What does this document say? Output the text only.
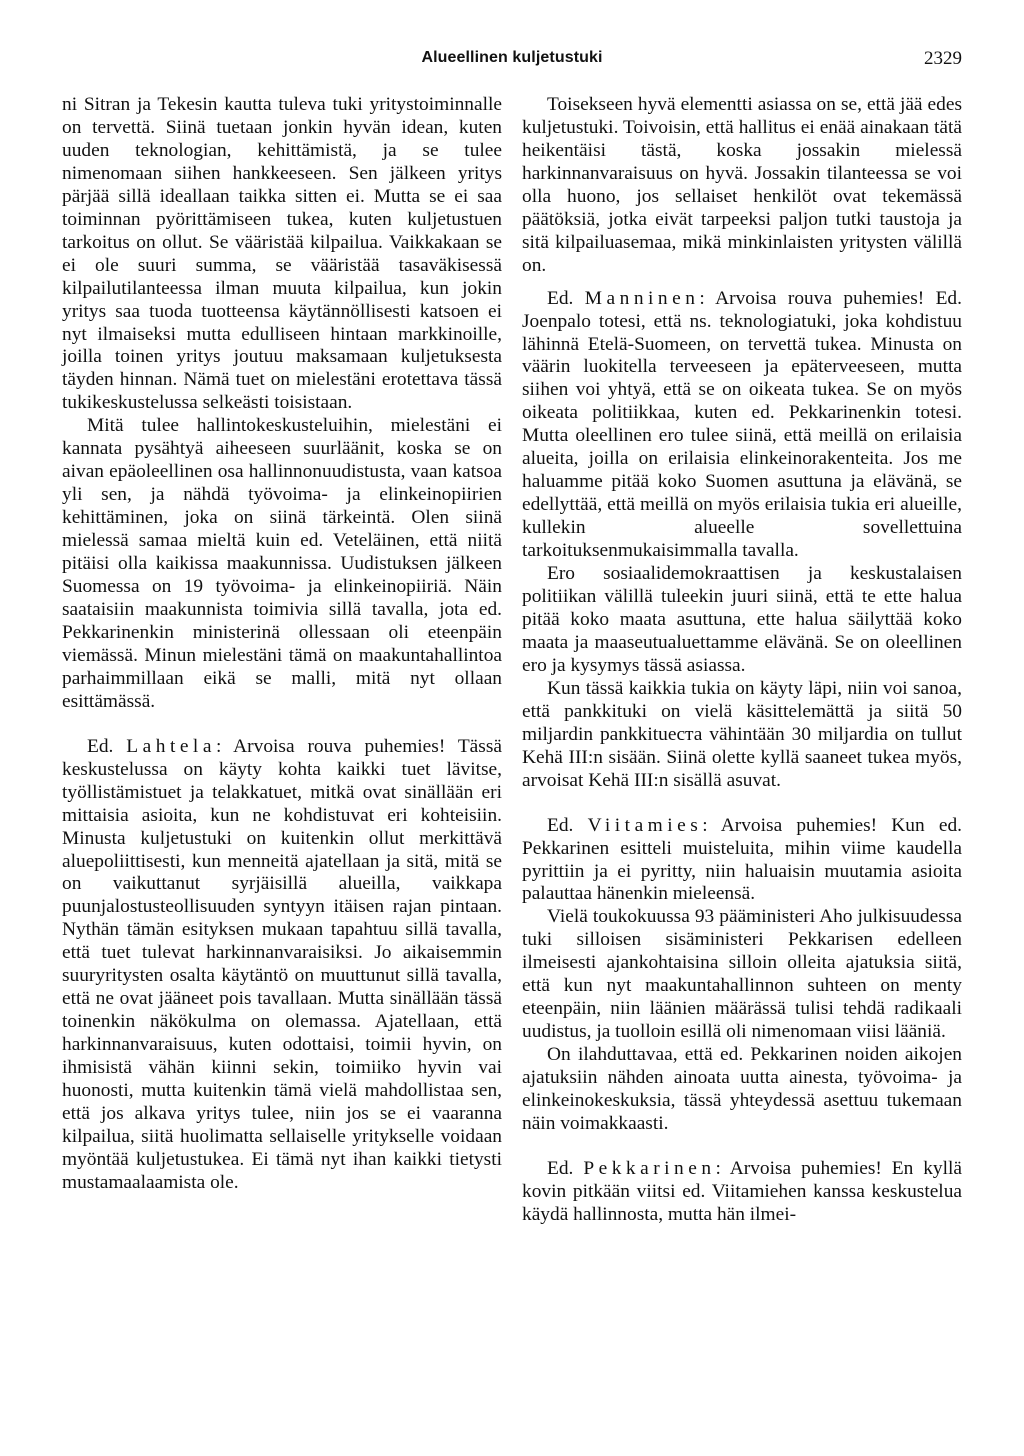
Alueellinen kuljetustuki	2329

ni Sitran ja Tekesin kautta tuleva tuki yritystoiminnalle on tervettä. Siinä tuetaan jonkin hyvän idean, kuten uuden teknologian, kehittämistä, ja se tulee nimenomaan siihen hankkeeseen. Sen jälkeen yritys pärjää sillä ideallaan taikka sitten ei. Mutta se ei saa toiminnan pyörittämiseen tukea, kuten kuljetustuen tarkoitus on ollut. Se vääristää kilpailua. Vaikkakaan se ei ole suuri summa, se vääristää tasaväkisessä kilpailutilanteessa ilman muuta kilpailua, kun jokin yritys saa tuoda tuotteensa käytännöllisesti katsoen ei nyt ilmaiseksi mutta edulliseen hintaan markkinoille, joilla toinen yritys joutuu maksamaan kuljetuksesta täyden hinnan. Nämä tuet on mielestäni erotettava tässä tukikeskustelussa selkeästi toisistaan.

Mitä tulee hallintokeskusteluihin, mielestäni ei kannata pysähtyä aiheeseen suurläänit, koska se on aivan epäoleellinen osa hallinnonuudistusta, vaan katsoa yli sen, ja nähdä työvoima- ja elinkeinopiirien kehittäminen, joka on siinä tärkeintä. Olen siinä mielessä samaa mieltä kuin ed. Veteläinen, että niitä pitäisi olla kaikissa maakunnissa. Uudistuksen jälkeen Suomessa on 19 työvoima- ja elinkeinopiiriä. Näin saataisiin maakunnista toimivia sillä tavalla, jota ed. Pekkarinenkin ministerinä ollessaan oli eteenpäin viemässä. Minun mielestäni tämä on maakuntahallintoa parhaimmillaan eikä se malli, mitä nyt ollaan esittämässä.

Ed. Lahtela: Arvoisa rouva puhemies! Tässä keskustelussa on käyty kohta kaikki tuet lävitse, työllistämistuet ja telakkatuet, mitkä ovat sinällään eri mittaisia asioita, kun ne kohdistuvat eri kohteisiin. Minusta kuljetustuki on kuitenkin ollut merkittävä aluepoliittisesti, kun menneitä ajatellaan ja sitä, mitä se on vaikuttanut syrjäisillä alueilla, vaikkapa puunjalostusteollisuuden syntyyn itäisen rajan pintaan. Nythän tämän esityksen mukaan tapahtuu sillä tavalla, että tuet tulevat harkinnanvaraisiksi. Jo aikaisemmin suuryritysten osalta käytäntö on muuttunut sillä tavalla, että ne ovat jääneet pois tavallaan. Mutta sinällään tässä toinenkin näkökulma on olemassa. Ajatellaan, että harkinnanvaraisuus, kuten odottaisi, toimii hyvin, on ihmisistä vähän kiinni sekin, toimiiko hyvin vai huonosti, mutta kuitenkin tämä vielä mahdollistaa sen, että jos alkava yritys tulee, niin jos se ei vaaranna kilpailua, siitä huolimatta sellaiselle yritykselle voidaan myöntää kuljetustukea. Ei tämä nyt ihan kaikki tietysti mustamaalaamista ole.

Toisekseen hyvä elementti asiassa on se, että jää edes kuljetustuki. Toivoisin, että hallitus ei enää ainakaan tätä heikentäisi tästä, koska jossakin mielessä harkinnanvaraisuus on hyvä. Jossakin tilanteessa se voi olla huono, jos sellaiset henkilöt ovat tekemässä päätöksiä, jotka eivät tarpeeksi paljon tutki taustoja ja sitä kilpailuasemaa, mikä minkinlaisten yritysten välillä on.

Ed. Manninen: Arvoisa rouva puhemies! Ed. Joenpalo totesi, että ns. teknologiatuki, joka kohdistuu lähinnä Etelä-Suomeen, on tervettä tukea. Minusta on väärin luokitella terveeseen ja epäterveeseen, mutta siihen voi yhtyä, että se on oikeata tukea. Se on myös oikeata politiikkaa, kuten ed. Pekkarinenkin totesi. Mutta oleellinen ero tulee siinä, että meillä on erilaisia alueita, joilla on erilaisia elinkeinorakenteita. Jos me haluamme pitää koko Suomen asuttuna ja elävänä, se edellyttää, että meillä on myös erilaisia tukia eri alueille, kullekin alueelle sovellettuina tarkoituksenmukaisimmalla tavalla.

Ero sosiaalidemokraattisen ja keskustalaisen politiikan välillä tuleekin juuri siinä, että te ette halua pitää koko maata asuttuna, ette halua säilyttää koko maata ja maaseutualuettamme elävänä. Se on oleellinen ero ja kysymys tässä asiassa.

Kun tässä kaikkia tukia on käyty läpi, niin voi sanoa, että pankkituki on vielä käsittelemättä ja siitä 50 miljardin pankkitueста vähintään 30 miljardia on tullut Kehä III:n sisään. Siinä olette kyllä saaneet tukea myös, arvoisat Kehä III:n sisällä asuvat.

Ed. Viitamies: Arvoisa puhemies! Kun ed. Pekkarinen esitteli muisteluita, mihin viime kaudella pyrittiin ja ei pyritty, niin haluaisin muutamia asioita palauttaa hänenkin mieleensä.

Vielä toukokuussa 93 pääministeri Aho julkisuudessa tuki silloisen sisäministeri Pekkarisen edelleen ilmeisesti ajankohtaisina silloin olleita ajatuksia siitä, että kun nyt maakuntahallinnon suhteen on menty eteenpäin, niin läänien määrässä tulisi tehdä radikaali uudistus, ja tuolloin esillä oli nimenomaan viisi lääniä.

On ilahduttavaa, että ed. Pekkarinen noiden aikojen ajatuksiin nähden ainoata uutta ainesta, työvoima- ja elinkeinokeskuksia, tässä yhteydessä asettuu tukemaan näin voimakkaasti.

Ed. Pekkarinen: Arvoisa puhemies! En kyllä kovin pitkään viitsi ed. Viitamiehen kanssa keskustelua käydä hallinnosta, mutta hän ilmei-
